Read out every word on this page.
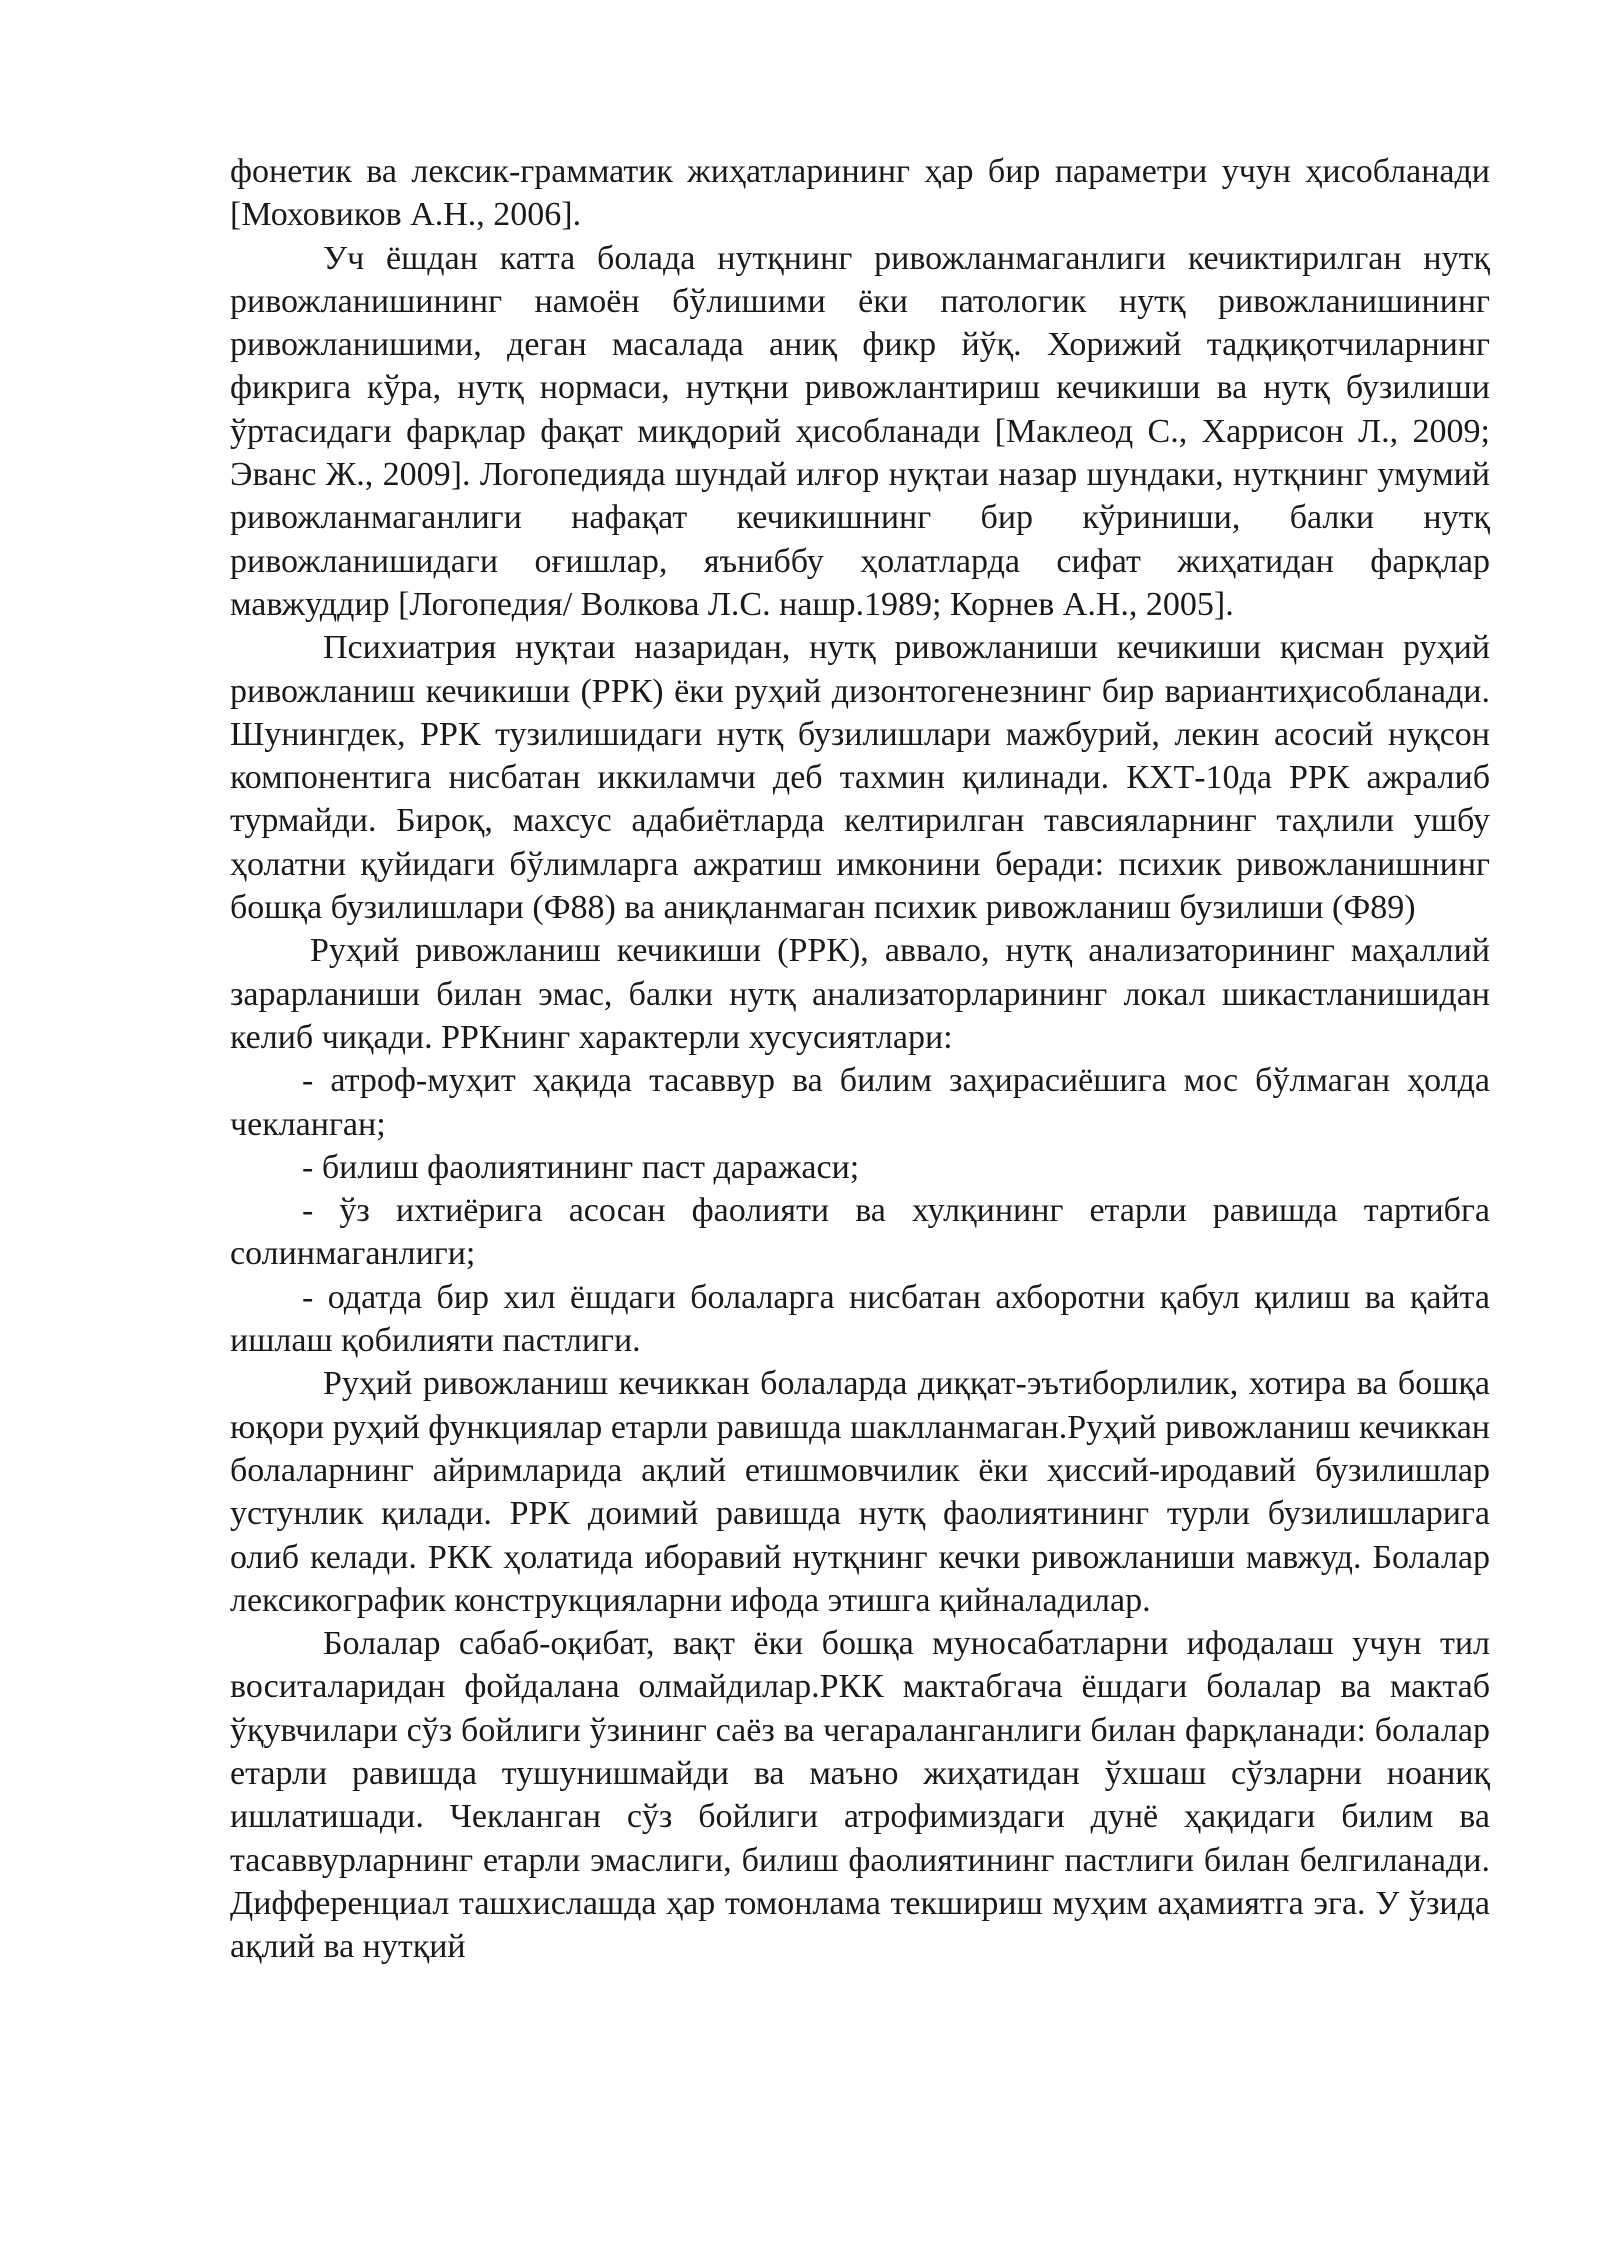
фонетик ва лексик-грамматик жиҳатларининг ҳар бир параметри учун ҳисобланади [Моховиков А.Н., 2006].

Уч ёшдан катта болада нутқнинг ривожланмаганлиги кечиктирилган нутқ ривожланишининг намоён бўлишими ёки патологик нутқ ривожланишининг ривожланишими, деган масалада аниқ фикр йўқ. Хорижий тадқиқотчиларнинг фикрига кўра, нутқ нормаси, нутқни ривожлантириш кечикиши ва нутқ бузилиши ўртасидаги фарқлар фақат миқдорий ҳисобланади [Маклеод С., Харрисон Л., 2009; Эванс Ж., 2009]. Логопедияда шундай илғор нуқтаи назар шундаки, нутқнинг умумий ривожланмаганлиги нафақат кечикишнинг бир кўриниши, балки нутқ ривожланишидаги оғишлар, яъниббу ҳолатларда сифат жиҳатидан фарқлар мавжуддир [Логопедия/ Волкова Л.С. нашр.1989; Корнев А.Н., 2005].

Психиатрия нуқтаи назаридан, нутқ ривожланиши кечикиши қисман руҳий ривожланиш кечикиши (РРК) ёки руҳий дизонтогенезнинг бир вариантиҳисобланади. Шунингдек, РРК тузилишидаги нутқ бузилишлари мажбурий, лекин асосий нуқсон компонентига нисбатан иккиламчи деб тахмин қилинади. КХТ-10да РРК ажралиб турмайди. Бироқ, махсус адабиётларда келтирилган тавсияларнинг таҳлили ушбу ҳолатни қуйидаги бўлимларга ажратиш имконини беради: психик ривожланишнинг бошқа бузилишлари (Ф88) ва аниқланмаган психик ривожланиш бузилиши (Ф89)

Руҳий ривожланиш кечикиши (РРК), аввало, нутқ анализаторининг маҳаллий зарарланиши билан эмас, балки нутқ анализаторларининг локал шикастланишидан келиб чиқади. РРКнинг характерли хусусиятлари:

- атроф-муҳит ҳақида тасаввур ва билим заҳирасиёшига мос бўлмаган ҳолда чекланган;

- билиш фаолиятининг паст даражаси;

- ўз ихтиёрига асосан фаолияти ва хулқининг етарли равишда тартибга солинмаганлиги;

- одатда бир хил ёшдаги болаларга нисбатан ахборотни қабул қилиш ва қайта ишлаш қобилияти пастлиги.

Руҳий ривожланиш кечиккан болаларда диққат-эътиборлилик, хотира ва бошқа юқори руҳий функциялар етарли равишда шаклланмаган.Руҳий ривожланиш кечиккан болаларнинг айримларида ақлий етишмовчилик ёки ҳиссий-иродавий бузилишлар устунлик қилади. РРК доимий равишда нутқ фаолиятининг турли бузилишларига олиб келади. РКК ҳолатида иборавий нутқнинг кечки ривожланиши мавжуд. Болалар лексикографик конструкцияларни ифода этишга қийналадилар.

Болалар сабаб-оқибат, вақт ёки бошқа муносабатларни ифодалаш учун тил воситаларидан фойдалана олмайдилар.РКК мактабгача ёшдаги болалар ва мактаб ўқувчилари сўз бойлиги ўзининг саёз ва чегараланганлиги билан фарқланади: болалар етарли равишда тушунишмайди ва маъно жиҳатидан ўхшаш сўзларни ноаниқ ишлатишади. Чекланган сўз бойлиги атрофимиздаги дунё ҳақидаги билим ва тасаввурларнинг етарли эмаслиги, билиш фаолиятининг пастлиги билан белгиланади. Дифференциал ташхислашда ҳар томонлама текшириш муҳим аҳамиятга эга. У ўзида ақлий ва нутқий
